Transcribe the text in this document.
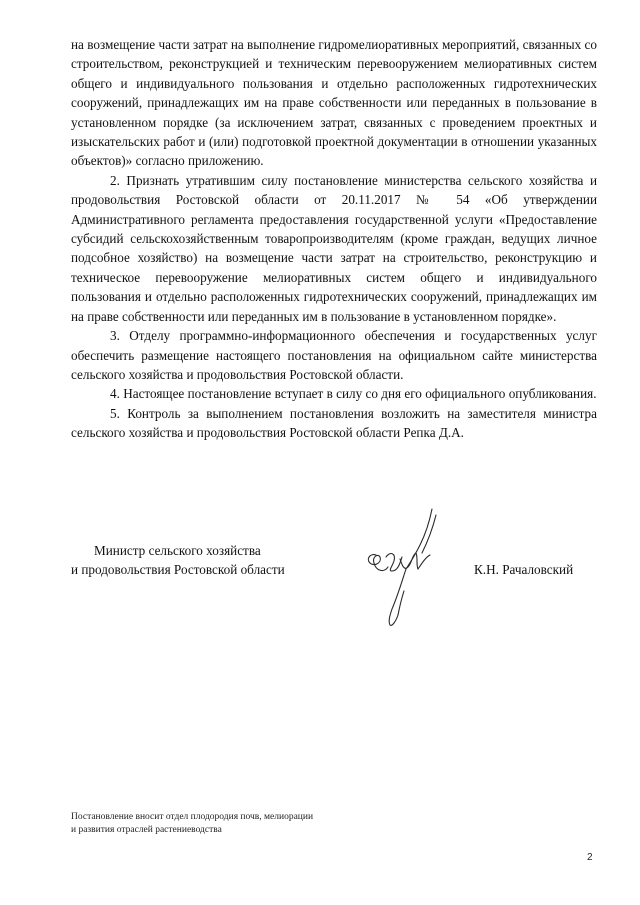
на возмещение части затрат на выполнение гидромелиоративных мероприятий, связанных со строительством, реконструкцией и техническим перевооружением мелиоративных систем общего и индивидуального пользования и отдельно расположенных гидротехнических сооружений, принадлежащих им на праве собственности или переданных в пользование в установленном порядке (за исключением затрат, связанных с проведением проектных и изыскательских работ и (или) подготовкой проектной документации в отношении указанных объектов)» согласно приложению.

2. Признать утратившим силу постановление министерства сельского хозяйства и продовольствия Ростовской области от 20.11.2017 № 54 «Об утверждении Административного регламента предоставления государственной услуги «Предоставление субсидий сельскохозяйственным товаропроизводителям (кроме граждан, ведущих личное подсобное хозяйство) на возмещение части затрат на строительство, реконструкцию и техническое перевооружение мелиоративных систем общего и индивидуального пользования и отдельно расположенных гидротехнических сооружений, принадлежащих им на праве собственности или переданных им в пользование в установленном порядке».

3. Отделу программно-информационного обеспечения и государственных услуг обеспечить размещение настоящего постановления на официальном сайте министерства сельского хозяйства и продовольствия Ростовской области.

4. Настоящее постановление вступает в силу со дня его официального опубликования.

5. Контроль за выполнением постановления возложить на заместителя министра сельского хозяйства и продовольствия Ростовской области Репка Д.А.

Министр сельского хозяйства
и продовольствия Ростовской области	К.Н. Рачаловский
Постановление вносит отдел плодородия почв, мелиорации
и развития отраслей растениеводства
2
